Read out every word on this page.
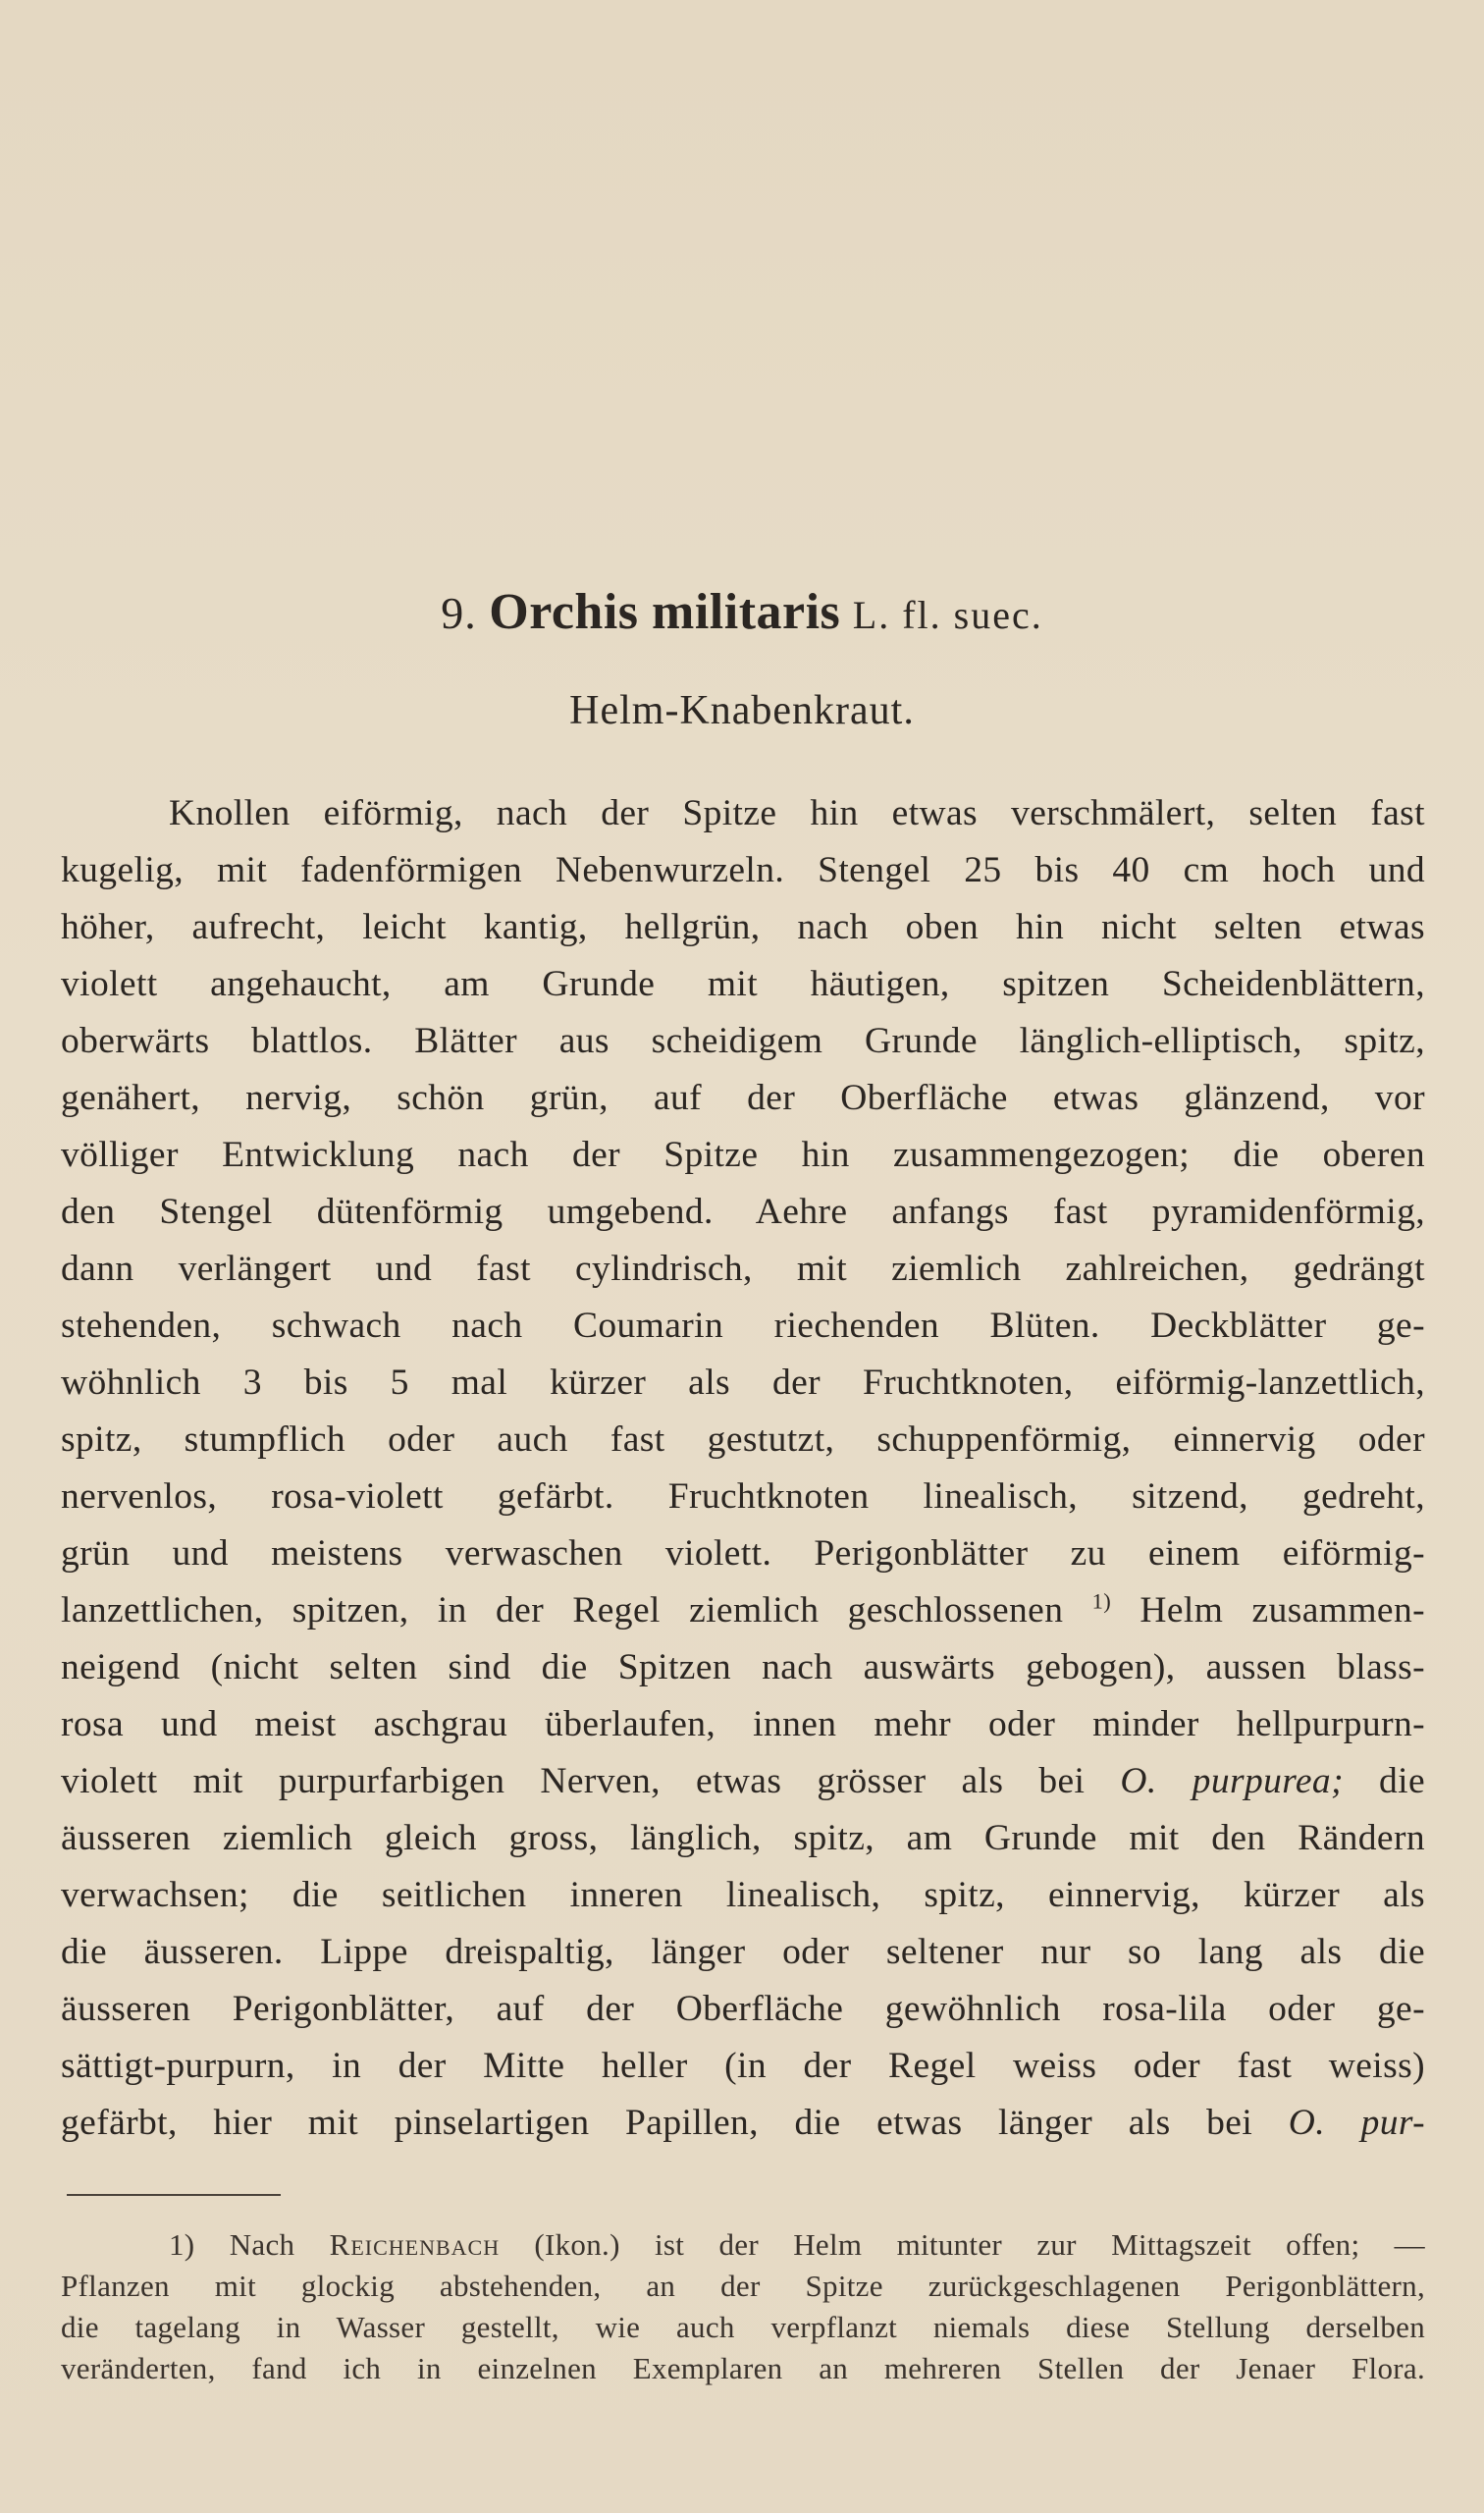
9. Orchis militaris L. fl. suec.
Helm-Knabenkraut.
Knollen eiförmig, nach der Spitze hin etwas verschmälert, selten fast
kugelig, mit fadenförmigen Nebenwurzeln. Stengel 25 bis 40 cm hoch und
höher, aufrecht, leicht kantig, hellgrün, nach oben hin nicht selten etwas
violett angehaucht, am Grunde mit häutigen, spitzen Scheidenblättern,
oberwärts blattlos. Blätter aus scheidigem Grunde länglich-elliptisch, spitz,
genähert, nervig, schön grün, auf der Oberfläche etwas glänzend, vor
völliger Entwicklung nach der Spitze hin zusammengezogen; die oberen
den Stengel dütenförmig umgebend. Aehre anfangs fast pyramidenförmig,
dann verlängert und fast cylindrisch, mit ziemlich zahlreichen, gedrängt
stehenden, schwach nach Coumarin riechenden Blüten. Deckblätter ge-
wöhnlich 3 bis 5 mal kürzer als der Fruchtknoten, eiförmig-lanzettlich,
spitz, stumpflich oder auch fast gestutzt, schuppenförmig, einnervig oder
nervenlos, rosa-violett gefärbt. Fruchtknoten linealisch, sitzend, gedreht,
grün und meistens verwaschen violett. Perigonblätter zu einem eiförmig-
lanzettlichen, spitzen, in der Regel ziemlich geschlossenen $^{1)}$ Helm zusammen-
neigend (nicht selten sind die Spitzen nach auswärts gebogen), aussen blass-
rosa und meist aschgrau überlaufen, innen mehr oder minder hellpurpurn-
violett mit purpurfarbigen Nerven, etwas grösser als bei O. purpurea; die
äusseren ziemlich gleich gross, länglich, spitz, am Grunde mit den Rändern
verwachsen; die seitlichen inneren linealisch, spitz, einnervig, kürzer als
die äusseren. Lippe dreispaltig, länger oder seltener nur so lang als die
äusseren Perigonblätter, auf der Oberfläche gewöhnlich rosa-lila oder ge-
sättigt-purpurn, in der Mitte heller (in der Regel weiss oder fast weiss)
gefärbt, hier mit pinselartigen Papillen, die etwas länger als bei O. pur-
1) Nach Reichenbach (Ikon.) ist der Helm mitunter zur Mittagszeit offen; —
Pflanzen mit glockig abstehenden, an der Spitze zurückgeschlagenen Perigonblättern,
die tagelang in Wasser gestellt, wie auch verpflanzt niemals diese Stellung derselben
veränderten, fand ich in einzelnen Exemplaren an mehreren Stellen der Jenaer Flora.
